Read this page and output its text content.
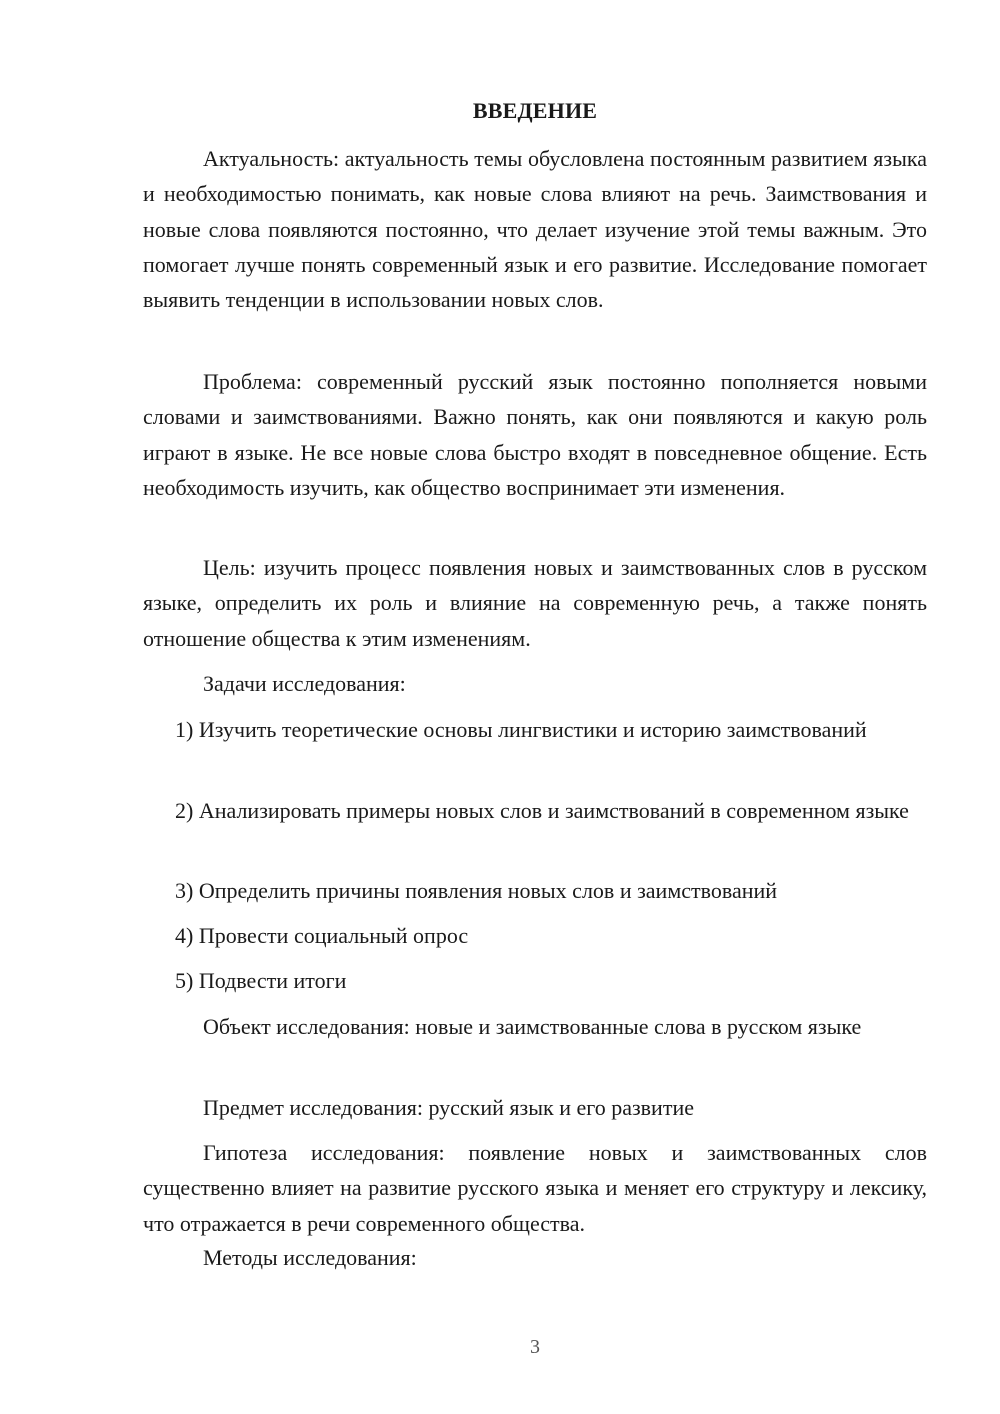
ВВЕДЕНИЕ

Актуальность: актуальность темы обусловлена постоянным развитием языка и необходимостью понимать, как новые слова влияют на речь. Заимствования и новые слова появляются постоянно, что делает изучение этой темы важным. Это помогает лучше понять современный язык и его развитие. Исследование помогает выявить тенденции в использовании новых слов.

Проблема: современный русский язык постоянно пополняется новыми словами и заимствованиями. Важно понять, как они появляются и какую роль играют в языке. Не все новые слова быстро входят в повседневное общение. Есть необходимость изучить, как общество воспринимает эти изменения.

Цель: изучить процесс появления новых и заимствованных слов в русском языке, определить их роль и влияние на современную речь, а также понять отношение общества к этим изменениям.

Задачи исследования:

1) Изучить теоретические основы лингвистики и историю заимствований

2) Анализировать примеры новых слов и заимствований в современном языке

3) Определить причины появления новых слов и заимствований

4) Провести социальный опрос

5) Подвести итоги

Объект исследования: новые и заимствованные слова в русском языке

Предмет исследования: русский язык и его развитие

Гипотеза исследования: появление новых и заимствованных слов существенно влияет на развитие русского языка и меняет его структуру и лексику, что отражается в речи современного общества.

Методы исследования:

3
